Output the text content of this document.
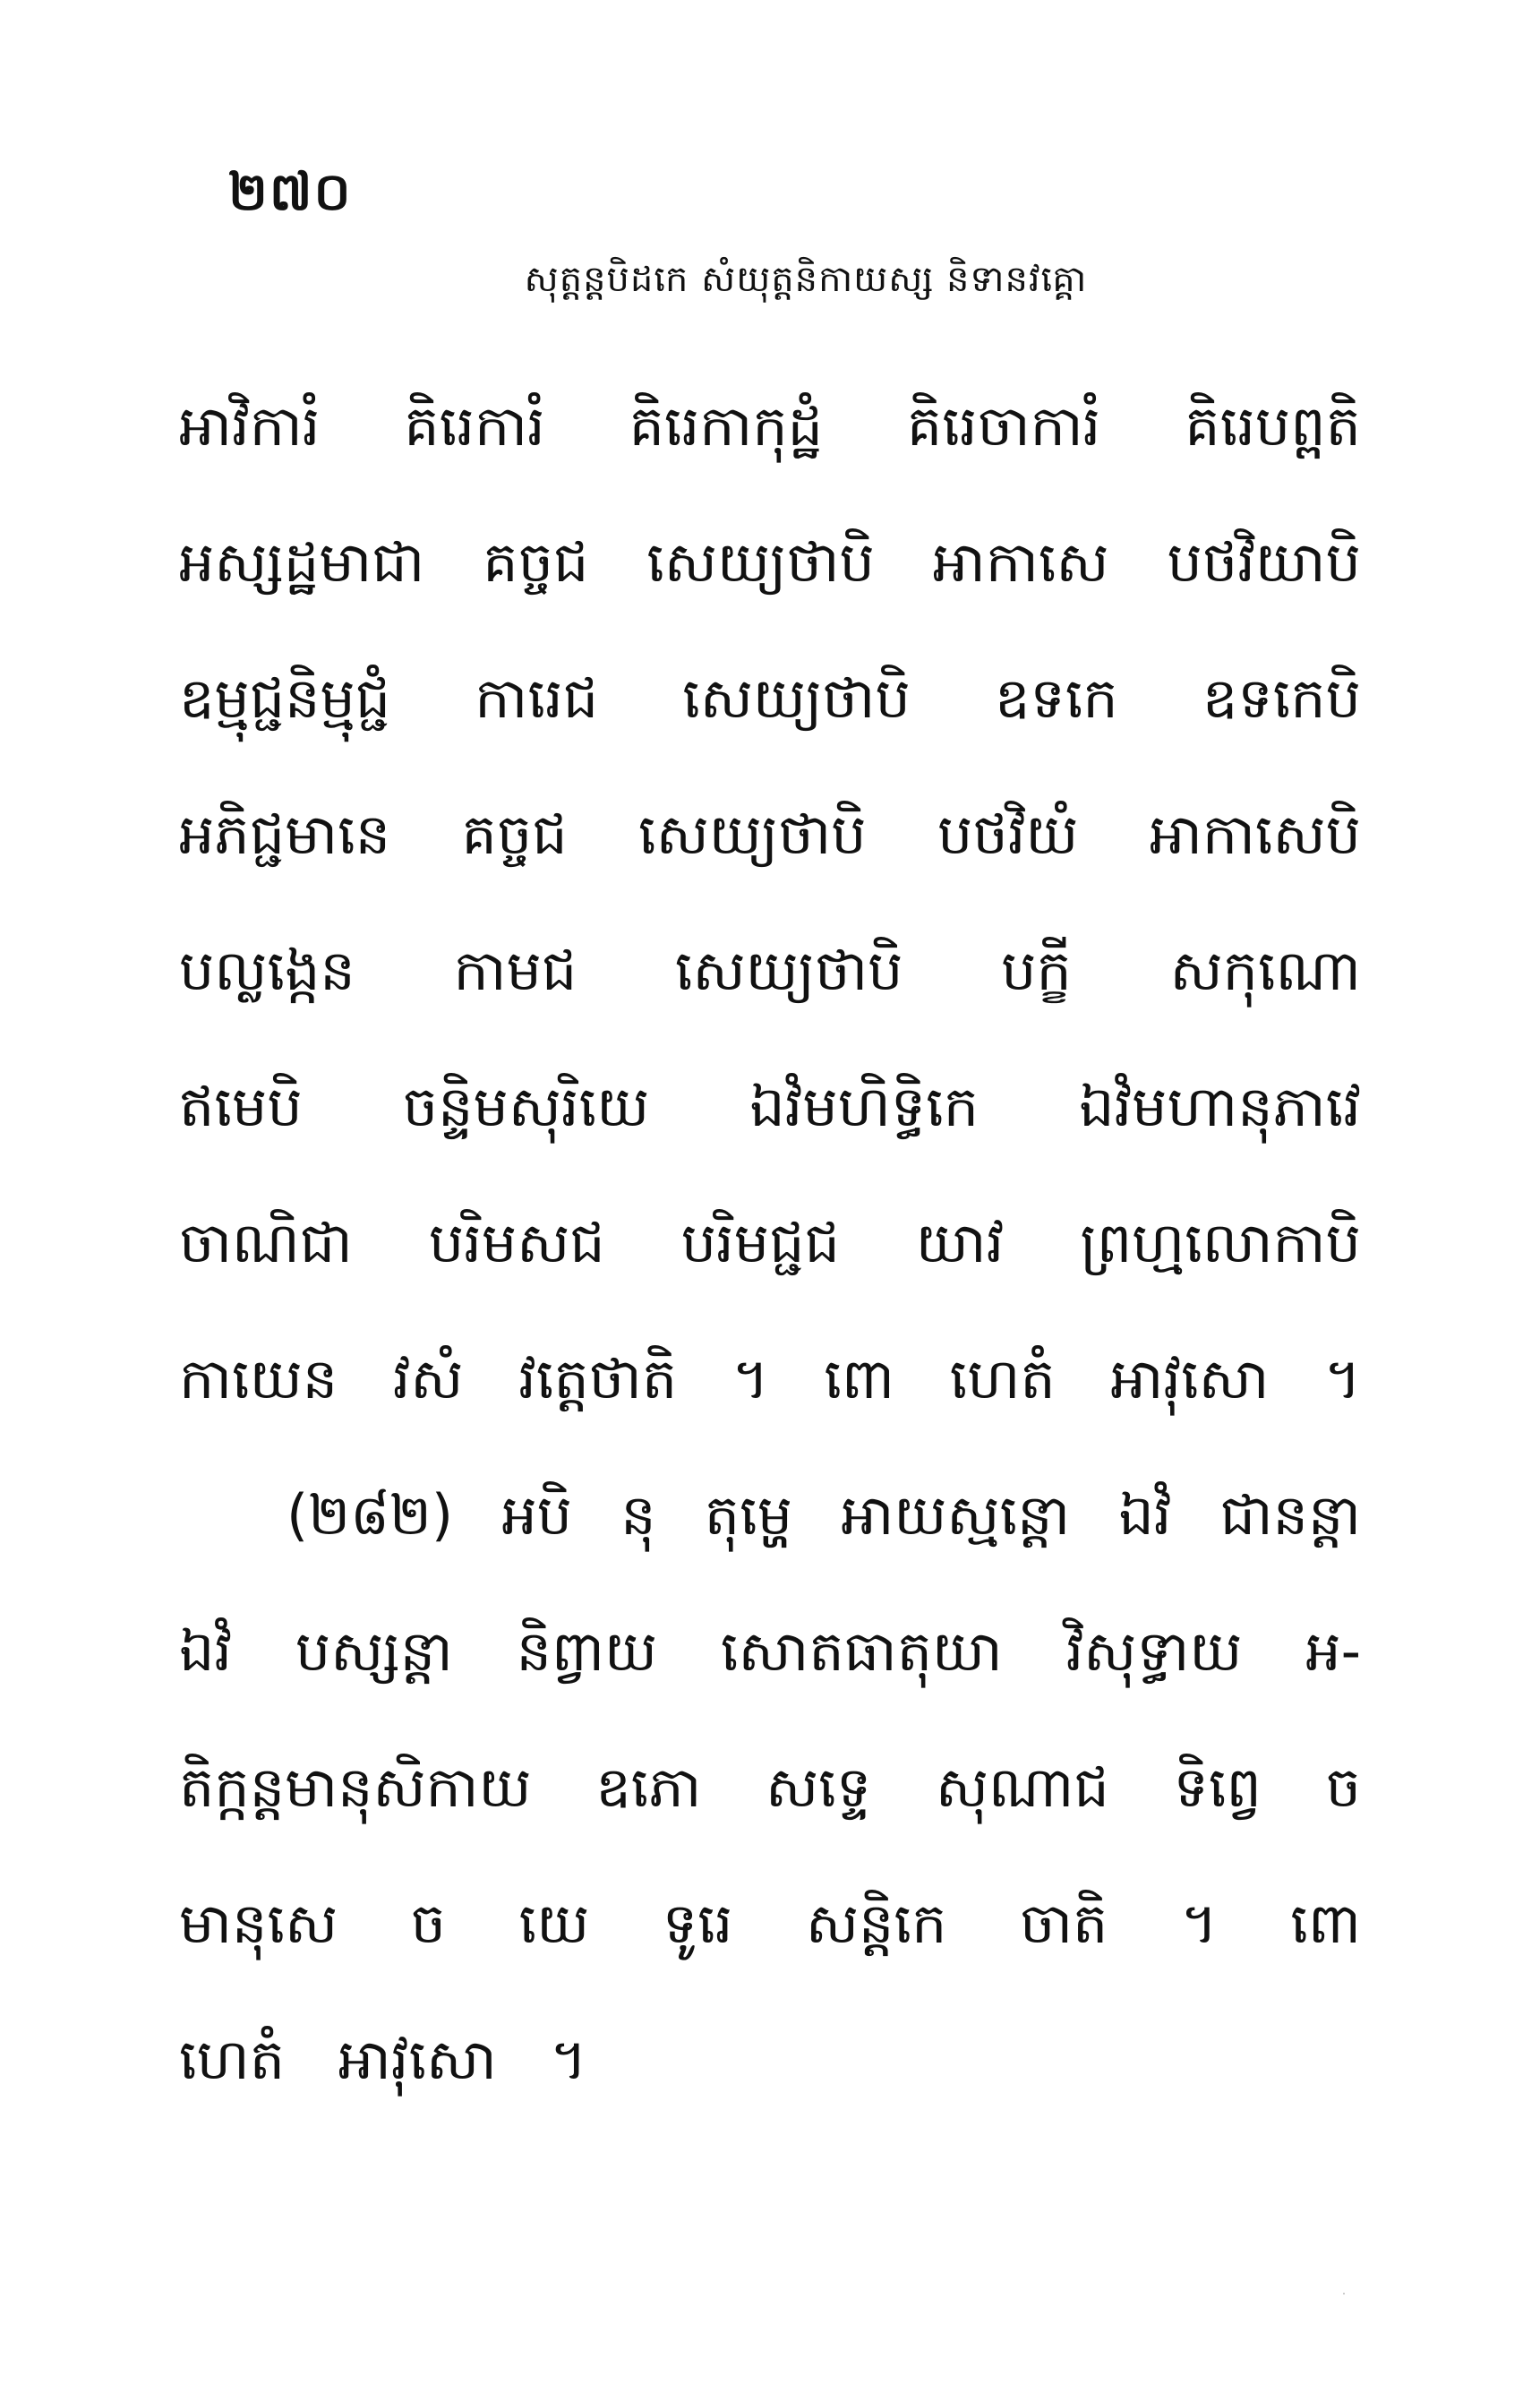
២៧០
សុត្តន្តបិដកេ សំយុត្តនិកាយស្ស និទានវគ្គោ
អាវិការំ គិរេការំ គិរេកាកុដ្ឋំ គិរេចាការំ គិរេបព្ពតិ
អស្សដ្ឋមាជា គច្ចជ សេយ្យថាបិ អាកាសេ បថវិយាបិ
ឧម្មុជ្ជនិម្មុជ្ជំ ការេជ សេយ្យថាបិ ឧទកេ ឧទកេបិ
អភិជ្ជមានេ គច្ចជ សេយ្យថាបិ បថវិយំ អាកាសេបិ
បល្លង្កេន កាមជ សេយ្យថាបិ បក្ខី សកុណោ
ឥមេបិ ចន្ទិមសុរិយេ ឯវំមហិទ្ធិកេ ឯវំមហានុភាវេ
ចាណិជា បរិមសជ បរិមជ្ជជ យាវ ព្រហ្មលោកាបិ
កាយេន វសំ វត្តេថាតិ ។ ពោ ហេតំ អាវុសោ ។
(២៨២) អបិ នុ តុម្ហេ អាយស្មន្តោ ឯវំ ជានន្តា
ឯវំ បស្សន្តា និព្វាយ សោតធាតុយា វិសុទ្ធាយ អ-
តិក្កន្តមានុសិកាយ ឧភោ សទ្ទេ សុណាជ ទិព្វេ ច
មានុសេ ច យេ ទូរេ សន្តិកេ ចាតិ ។ ពោ
ហេតំ អាវុសោ ។
